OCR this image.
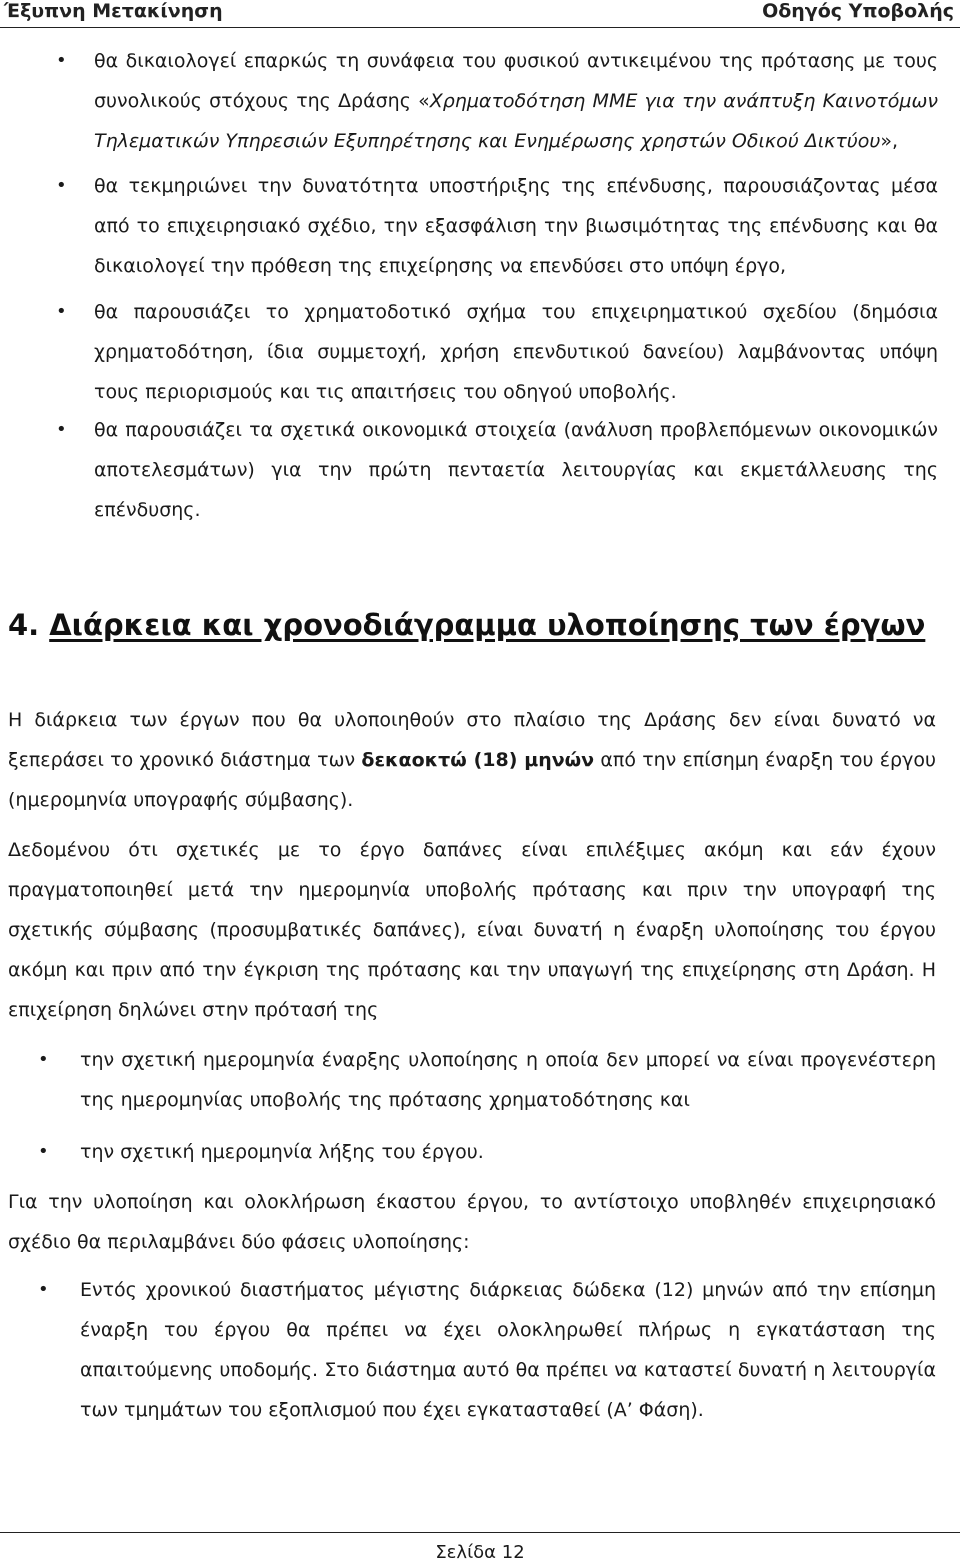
Έξυπνη Μετακίνηση	Οδηγός Υποβολής
• θα δικαιολογεί επαρκώς τη συνάφεια του φυσικού αντικειμένου της πρότασης με τους συνολικούς στόχους της Δράσης «Χρηματοδότηση ΜΜΕ για την ανάπτυξη Καινοτόμων Τηλεματικών Υπηρεσιών Εξυπηρέτησης και Ενημέρωσης χρηστών Οδικού Δικτύου»,
• θα τεκμηριώνει την δυνατότητα υποστήριξης της επένδυσης, παρουσιάζοντας μέσα από το επιχειρησιακό σχέδιο, την εξασφάλιση την βιωσιμότητας της επένδυσης και θα δικαιολογεί την πρόθεση της επιχείρησης να επενδύσει στο υπόψη έργο,
• θα παρουσιάζει το χρηματοδοτικό σχήμα του επιχειρηματικού σχεδίου (δημόσια χρηματοδότηση, ίδια συμμετοχή, χρήση επενδυτικού δανείου) λαμβάνοντας υπόψη τους περιορισμούς και τις απαιτήσεις του οδηγού υποβολής.
• θα παρουσιάζει τα σχετικά οικονομικά στοιχεία (ανάλυση προβλεπόμενων οικονομικών αποτελεσμάτων) για την πρώτη πενταετία λειτουργίας και εκμετάλλευσης της επένδυσης.
4. Διάρκεια και χρονοδιάγραμμα υλοποίησης των έργων
Η διάρκεια των έργων που θα υλοποιηθούν στο πλαίσιο της Δράσης δεν είναι δυνατό να ξεπεράσει το χρονικό διάστημα των δεκαοκτώ (18) μηνών από την επίσημη έναρξη του έργου (ημερομηνία υπογραφής σύμβασης).
Δεδομένου ότι σχετικές με το έργο δαπάνες είναι επιλέξιμες ακόμη και εάν έχουν πραγματοποιηθεί μετά την ημερομηνία υποβολής πρότασης και πριν την υπογραφή της σχετικής σύμβασης (προσυμβατικές δαπάνες), είναι δυνατή η έναρξη υλοποίησης του έργου ακόμη και πριν από την έγκριση της πρότασης και την υπαγωγή της επιχείρησης στη Δράση. Η επιχείρηση δηλώνει στην πρότασή της
• την σχετική ημερομηνία έναρξης υλοποίησης η οποία δεν μπορεί να είναι προγενέστερη της ημερομηνίας υποβολής της πρότασης χρηματοδότησης και
• την σχετική ημερομηνία λήξης του έργου.
Για την υλοποίηση και ολοκλήρωση έκαστου έργου, το αντίστοιχο υποβληθέν επιχειρησιακό σχέδιο θα περιλαμβάνει δύο φάσεις υλοποίησης:
• Εντός χρονικού διαστήματος μέγιστης διάρκειας δώδεκα (12) μηνών από την επίσημη έναρξη του έργου θα πρέπει να έχει ολοκληρωθεί πλήρως η εγκατάσταση της απαιτούμενης υποδομής. Στο διάστημα αυτό θα πρέπει να καταστεί δυνατή η λειτουργία των τμημάτων του εξοπλισμού που έχει εγκατασταθεί (Α’ Φάση).
Σελίδα 12
